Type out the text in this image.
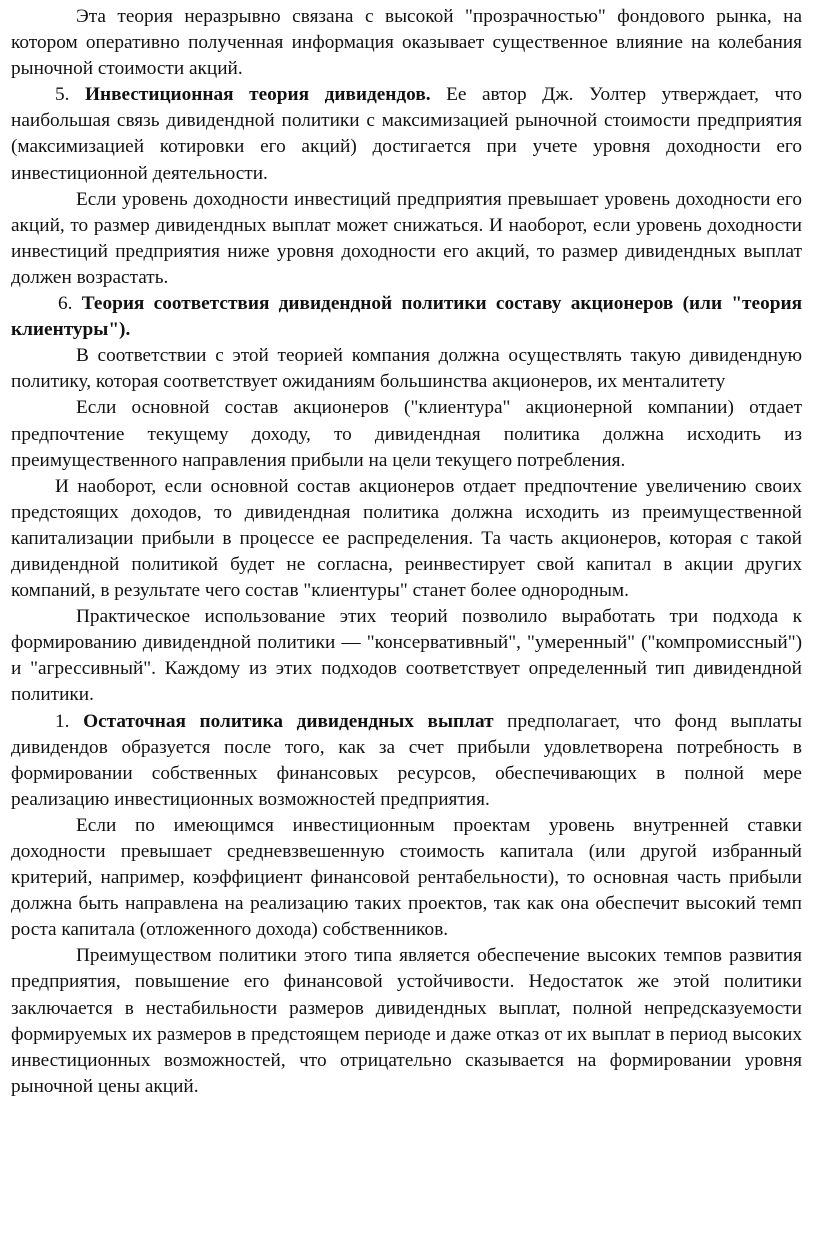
Эта теория неразрывно связана с высокой "прозрачностью" фондового рынка, на котором оперативно полученная информация оказывает существенное влияние на колебания рыночной стоимости акций.

5. Инвестиционная теория дивидендов. Ее автор Дж. Уолтер утверждает, что наибольшая связь дивидендной политики с максимизацией рыночной стоимости предприятия (максимизацией котировки его акций) достигается при учете уровня доходности его инвестиционной деятельности.

Если уровень доходности инвестиций предприятия превышает уровень доходности его акций, то размер дивидендных выплат может снижаться. И наоборот, если уровень доходности инвестиций предприятия ниже уровня доходности его акций, то размер дивидендных выплат должен возрастать.

6. Теория соответствия дивидендной политики составу акционеров (или "теория клиентуры").

В соответствии с этой теорией компания должна осуществлять такую дивидендную политику, которая соответствует ожиданиям большинства акционеров, их менталитету

Если основной состав акционеров ("клиентура" акционерной компании) отдает предпочтение текущему доходу, то дивидендная политика должна исходить из преимущественного направления прибыли на цели текущего потребления.

И наоборот, если основной состав акционеров отдает предпочтение увеличению своих предстоящих доходов, то дивидендная политика должна исходить из преимущественной капитализации прибыли в процессе ее распределения. Та часть акционеров, которая с такой дивидендной политикой будет не согласна, реинвестирует свой капитал в акции других компаний, в результате чего состав "клиентуры" станет более однородным.

Практическое использование этих теорий позволило выработать три подхода к формированию дивидендной политики — "консервативный", "умеренный" ("компромиссный") и "агрессивный". Каждому из этих подходов соответствует определенный тип дивидендной политики.

1. Остаточная политика дивидендных выплат предполагает, что фонд выплаты дивидендов образуется после того, как за счет прибыли удовлетворена потребность в формировании собственных финансовых ресурсов, обеспечивающих в полной мере реализацию инвестиционных возможностей предприятия.

Если по имеющимся инвестиционным проектам уровень внутренней ставки доходности превышает средневзвешенную стоимость капитала (или другой избранный критерий, например, коэффициент финансовой рентабельности), то основная часть прибыли должна быть направлена на реализацию таких проектов, так как она обеспечит высокий темп роста капитала (отложенного дохода) собственников.

Преимуществом политики этого типа является обеспечение высоких темпов развития предприятия, повышение его финансовой устойчивости. Недостаток же этой политики заключается в нестабильности размеров дивидендных выплат, полной непредсказуемости формируемых их размеров в предстоящем периоде и даже отказ от их выплат в период высоких инвестиционных возможностей, что отрицательно сказывается на формировании уровня рыночной цены акций.
